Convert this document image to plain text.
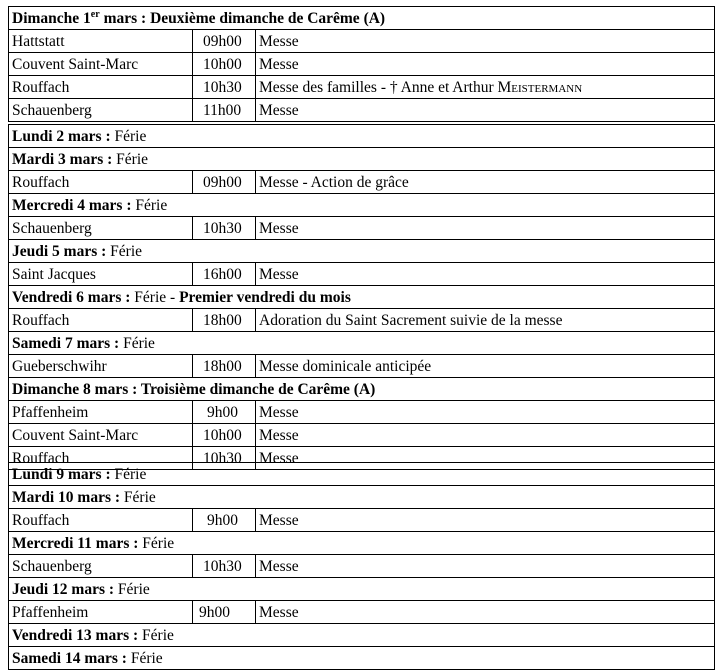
Dimanche 1er mars : Deuxième dimanche de Carême (A)		
Hattstatt	09h00	Messe
Couvent Saint-Marc	10h00	Messe
Rouffach	10h30	Messe des familles - † Anne et Arthur Meistermann
Schauenberg	11h00	Messe
Lundi 2 mars : Férie		
Mardi 3 mars : Férie		
Rouffach	09h00	Messe - Action de grâce
Mercredi 4 mars : Férie		
Schauenberg	10h30	Messe
Jeudi 5 mars : Férie		
Saint Jacques	16h00	Messe
Vendredi 6 mars : Férie - Premier vendredi du mois		
Rouffach	18h00	Adoration du Saint Sacrement suivie de la messe
Samedi 7 mars : Férie		
Gueberschwihr	18h00	Messe dominicale anticipée
Dimanche 8 mars : Troisième dimanche de Carême (A)		
Pfaffenheim	9h00	Messe
Couvent Saint-Marc	10h00	Messe
Rouffach	10h30	Messe
Lundi 9 mars : Férie		
Mardi 10 mars : Férie		
Rouffach	9h00	Messe
Mercredi 11 mars : Férie		
Schauenberg	10h30	Messe
Jeudi 12 mars : Férie		
Pfaffenheim	9h00	Messe
Vendredi 13 mars : Férie		
Samedi 14 mars : Férie		
